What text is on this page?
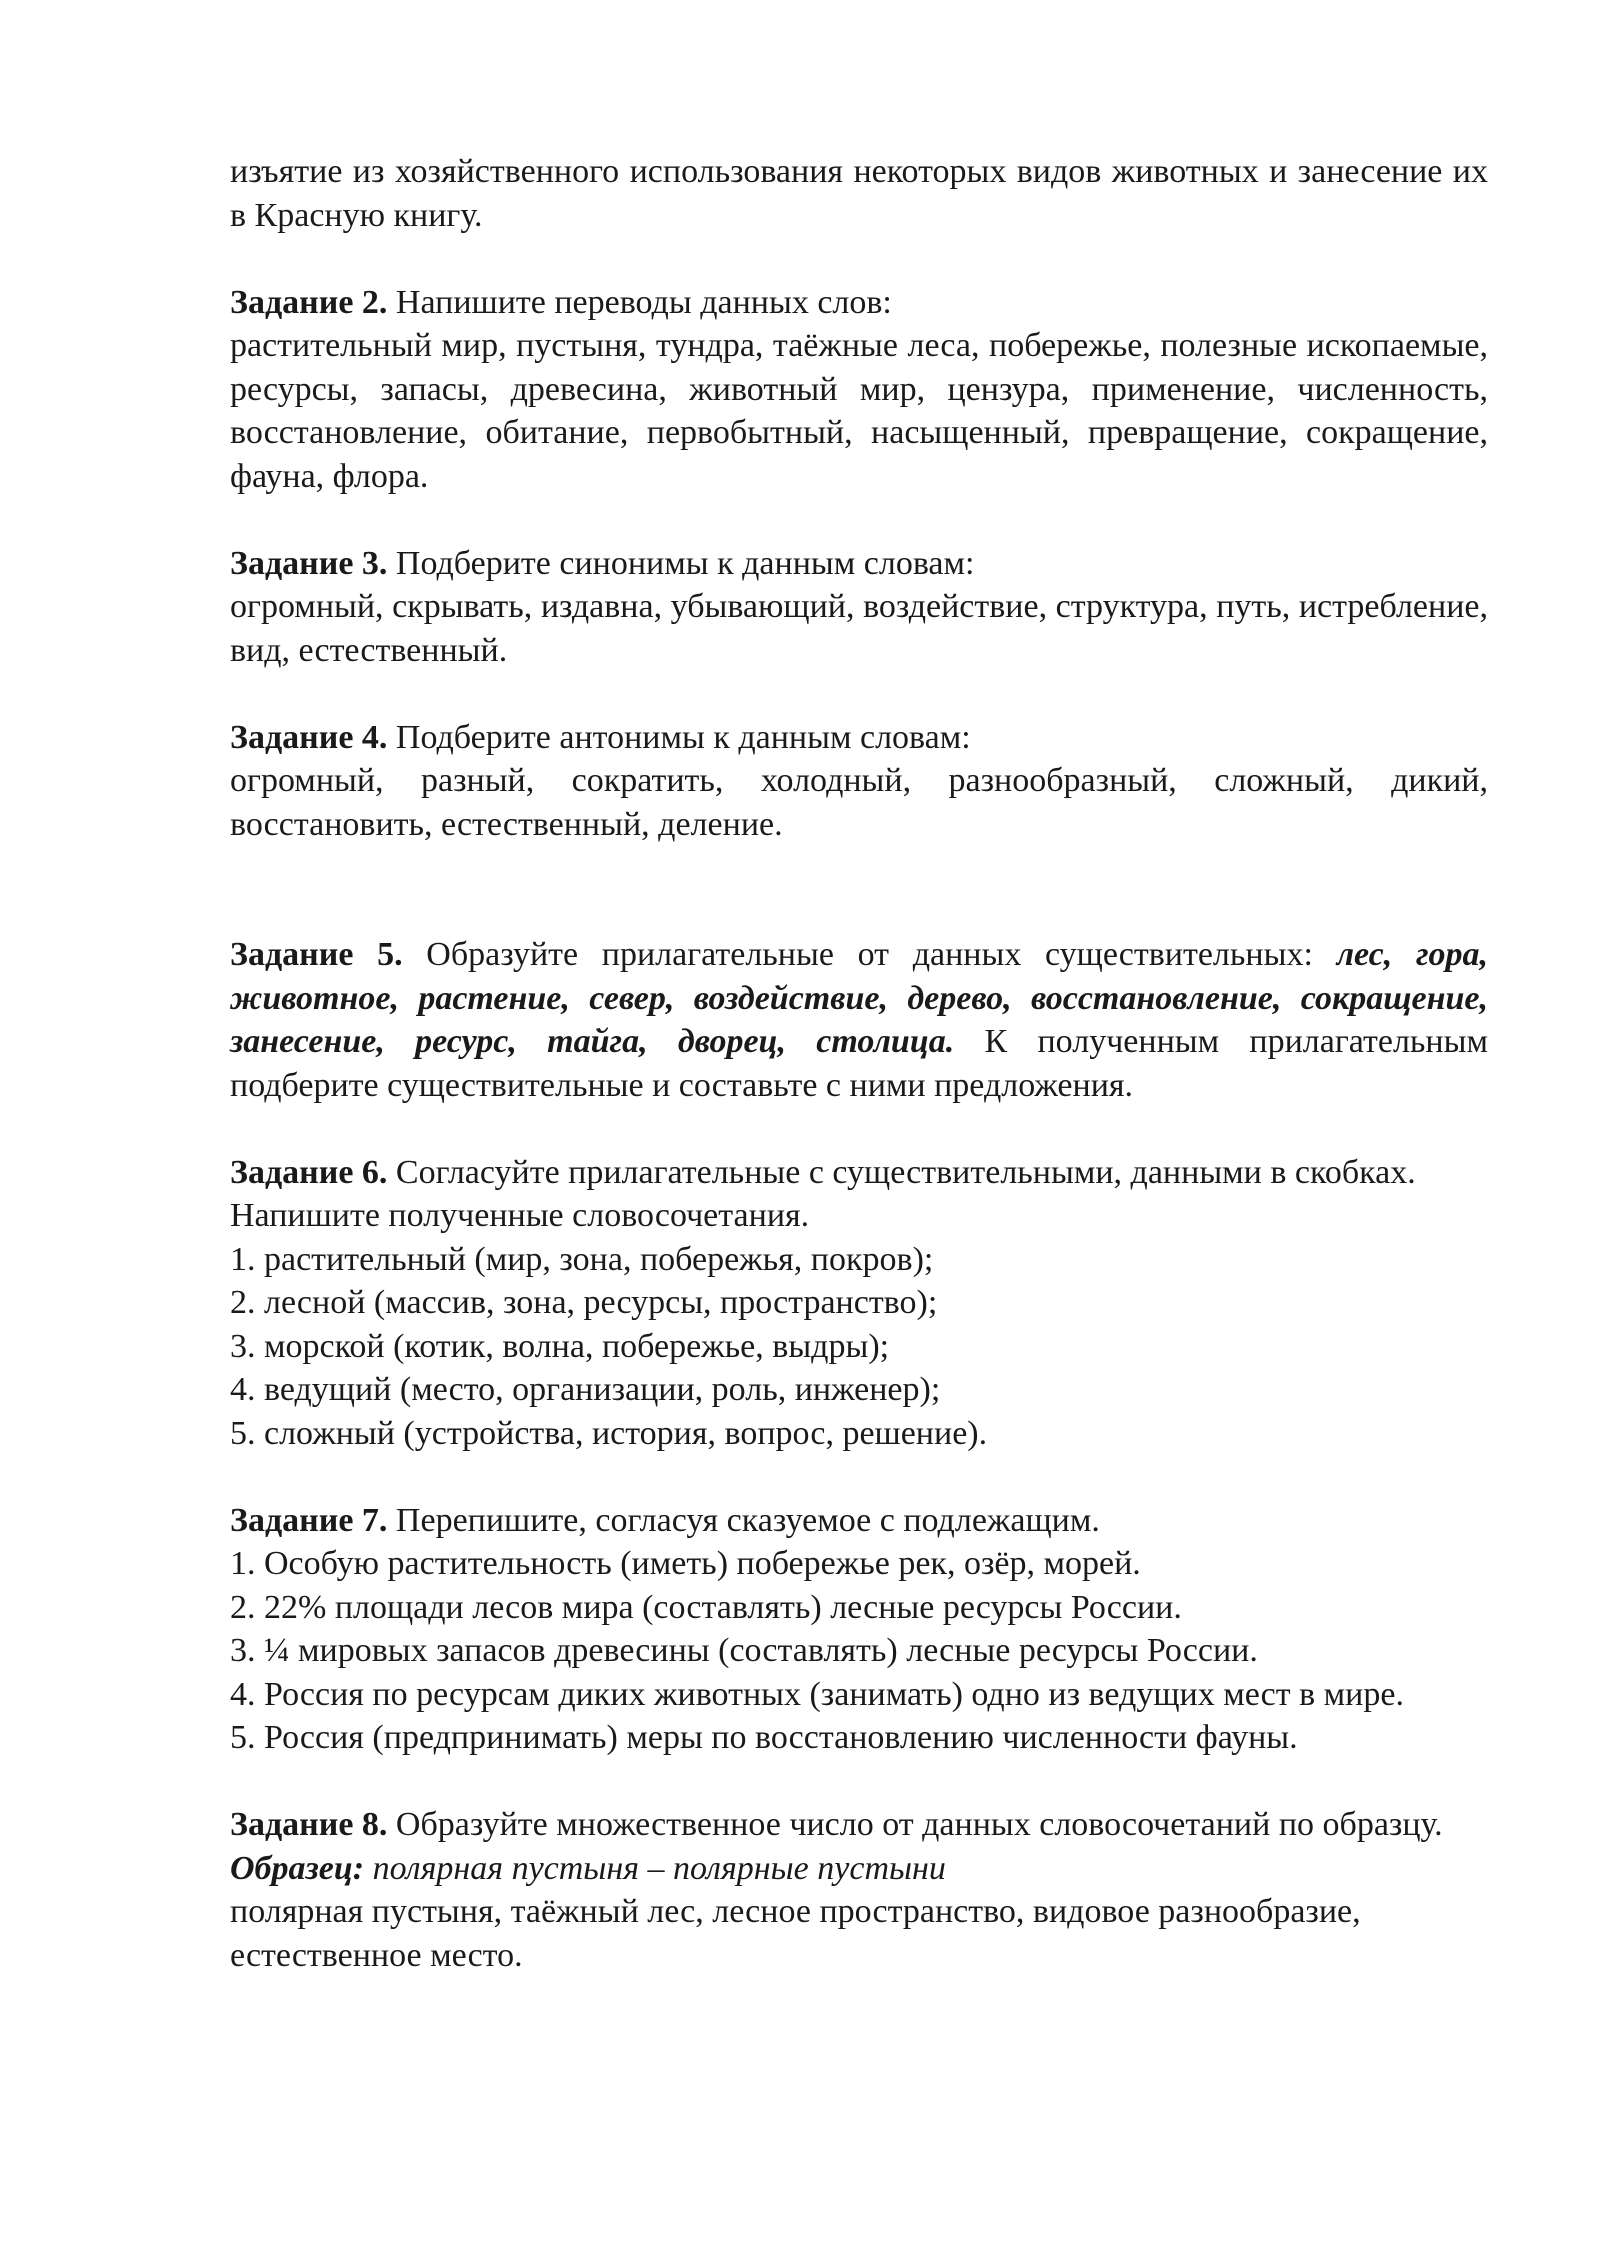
изъятие из хозяйственного использования некоторых видов животных и занесение их в Красную книгу.

Задание 2. Напишите переводы данных слов:

растительный мир, пустыня, тундра, таёжные леса, побережье, полезные ископаемые, ресурсы, запасы, древесина, животный мир, цензура, применение, численность, восстановление, обитание, первобытный, насыщенный, превращение, сокращение, фауна, флора.

Задание 3. Подберите синонимы к данным словам:

огромный, скрывать, издавна, убывающий, воздействие, структура, путь, истребление, вид, естественный.

Задание 4. Подберите антонимы к данным словам:

огромный, разный, сократить, холодный, разнообразный, сложный, дикий, восстановить, естественный, деление.

Задание 5. Образуйте прилагательные от данных существительных: лес, гора, животное, растение, север, воздействие, дерево, восстановление, сокращение, занесение, ресурс, тайга, дворец, столица. К полученным прилагательным подберите существительные и составьте с ними предложения.

Задание 6. Согласуйте прилагательные с существительными, данными в скобках. Напишите полученные словосочетания.

1. растительный (мир, зона, побережья, покров);
2. лесной (массив, зона, ресурсы, пространство);
3. морской (котик, волна, побережье, выдры);
4. ведущий (место, организации, роль, инженер);
5. сложный (устройства, история, вопрос, решение).

Задание 7. Перепишите, согласуя сказуемое с подлежащим.

1. Особую растительность (иметь) побережье рек, озёр, морей.
2. 22% площади лесов мира (составлять) лесные ресурсы России.
3. ¼ мировых запасов древесины (составлять) лесные ресурсы России.
4. Россия по ресурсам диких животных (занимать) одно из ведущих мест в мире.
5. Россия (предпринимать) меры по восстановлению численности фауны.

Задание 8. Образуйте множественное число от данных словосочетаний по образцу.

Образец: полярная пустыня – полярные пустыни

полярная пустыня, таёжный лес, лесное пространство, видовое разнообразие, естественное место.
